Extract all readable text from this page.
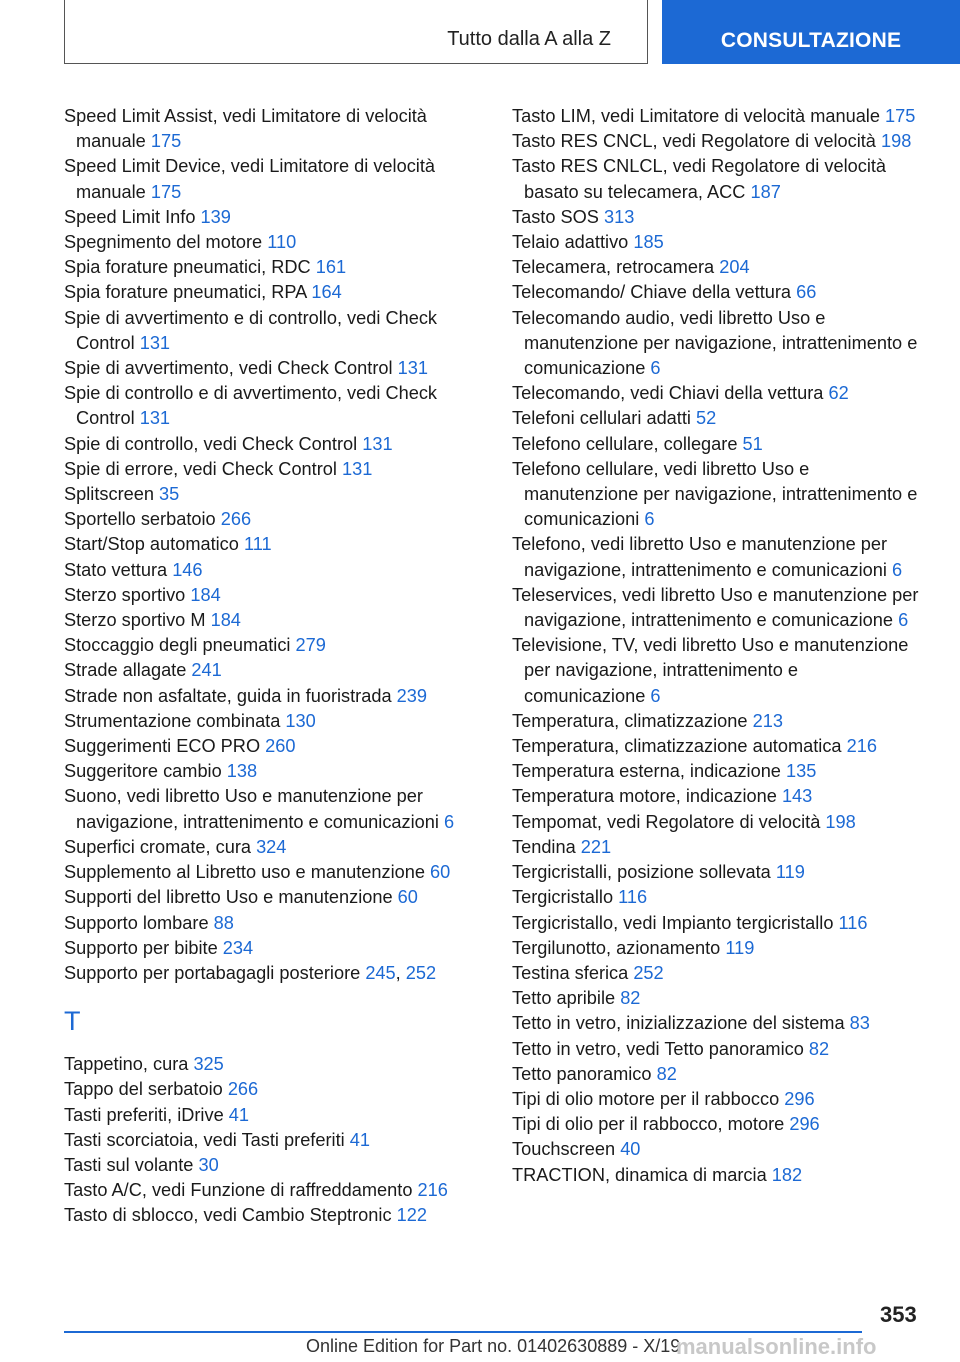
Tutto dalla A alla Z	CONSULTAZIONE

Speed Limit Assist, vedi Limitatore di velocità manuale 175

Speed Limit Device, vedi Limitatore di velocità manuale 175

Speed Limit Info 139

Spegnimento del motore 110

Spia forature pneumatici, RDC 161

Spia forature pneumatici, RPA 164

Spie di avvertimento e di controllo, vedi Check Control 131

Spie di avvertimento, vedi Check Control 131

Spie di controllo e di avvertimento, vedi Check Control 131

Spie di controllo, vedi Check Control 131

Spie di errore, vedi Check Control 131

Splitscreen 35

Sportello serbatoio 266

Start/Stop automatico 111

Stato vettura 146

Sterzo sportivo 184

Sterzo sportivo M 184

Stoccaggio degli pneumatici 279

Strade allagate 241

Strade non asfaltate, guida in fuoristrada 239

Strumentazione combinata 130

Suggerimenti ECO PRO 260

Suggeritore cambio 138

Suono, vedi libretto Uso e manutenzione per navigazione, intrattenimento e comunicazioni 6

Superfici cromate, cura 324

Supplemento al Libretto uso e manutenzione 60

Supporti del libretto Uso e manutenzione 60

Supporto lombare 88

Supporto per bibite 234

Supporto per portabagagli posteriore 245, 252

T

Tappetino, cura 325

Tappo del serbatoio 266

Tasti preferiti, iDrive 41

Tasti scorciatoia, vedi Tasti preferiti 41

Tasti sul volante 30

Tasto A/C, vedi Funzione di raffreddamento 216

Tasto di sblocco, vedi Cambio Steptronic 122

Tasto LIM, vedi Limitatore di velocità manuale 175

Tasto RES CNCL, vedi Regolatore di velocità 198

Tasto RES CNLCL, vedi Regolatore di velocità basato su telecamera, ACC 187

Tasto SOS 313

Telaio adattivo 185

Telecamera, retrocamera 204

Telecomando/ Chiave della vettura 66

Telecomando audio, vedi libretto Uso e manutenzione per navigazione, intrattenimento e comunicazione 6

Telecomando, vedi Chiavi della vettura 62

Telefoni cellulari adatti 52

Telefono cellulare, collegare 51

Telefono cellulare, vedi libretto Uso e manutenzione per navigazione, intrattenimento e comunicazioni 6

Telefono, vedi libretto Uso e manutenzione per navigazione, intrattenimento e comunicazioni 6

Teleservices, vedi libretto Uso e manutenzione per navigazione, intrattenimento e comunicazione 6

Televisione, TV, vedi libretto Uso e manutenzione per navigazione, intrattenimento e comunicazione 6

Temperatura, climatizzazione 213

Temperatura, climatizzazione automatica 216

Temperatura esterna, indicazione 135

Temperatura motore, indicazione 143

Tempomat, vedi Regolatore di velocità 198

Tendina 221

Tergicristalli, posizione sollevata 119

Tergicristallo 116

Tergicristallo, vedi Impianto tergicristallo 116

Tergilunotto, azionamento 119

Testina sferica 252

Tetto apribile 82

Tetto in vetro, inizializzazione del sistema 83

Tetto in vetro, vedi Tetto panoramico 82

Tetto panoramico 82

Tipi di olio motore per il rabbocco 296

Tipi di olio per il rabbocco, motore 296

Touchscreen 40

TRACTION, dinamica di marcia 182

353
Online Edition for Part no. 01402630889 - X/19
manualsonline.info
